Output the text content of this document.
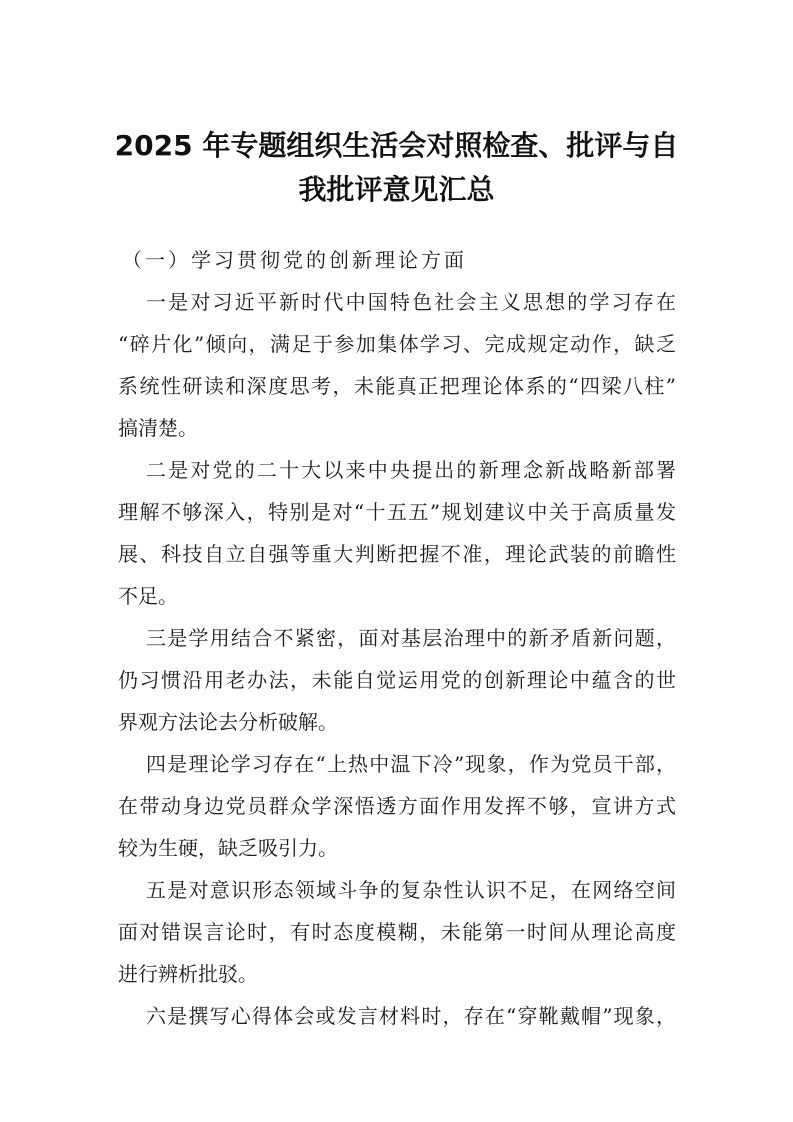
2025 年专题组织生活会对照检查、批评与自
我批评意见汇总
（一）学习贯彻党的创新理论方面
一是对习近平新时代中国特色社会主义思想的学习存在
“碎片化”倾向，满足于参加集体学习、完成规定动作，缺乏
系统性研读和深度思考，未能真正把理论体系的“四梁八柱”
搞清楚。
二是对党的二十大以来中央提出的新理念新战略新部署
理解不够深入，特别是对“十五五”规划建议中关于高质量发
展、科技自立自强等重大判断把握不准，理论武装的前瞻性
不足。
三是学用结合不紧密，面对基层治理中的新矛盾新问题，
仍习惯沿用老办法，未能自觉运用党的创新理论中蕴含的世
界观方法论去分析破解。
四是理论学习存在“上热中温下冷”现象，作为党员干部，
在带动身边党员群众学深悟透方面作用发挥不够，宣讲方式
较为生硬，缺乏吸引力。
五是对意识形态领域斗争的复杂性认识不足，在网络空间
面对错误言论时，有时态度模糊，未能第一时间从理论高度
进行辨析批驳。
六是撰写心得体会或发言材料时，存在“穿靴戴帽”现象，
